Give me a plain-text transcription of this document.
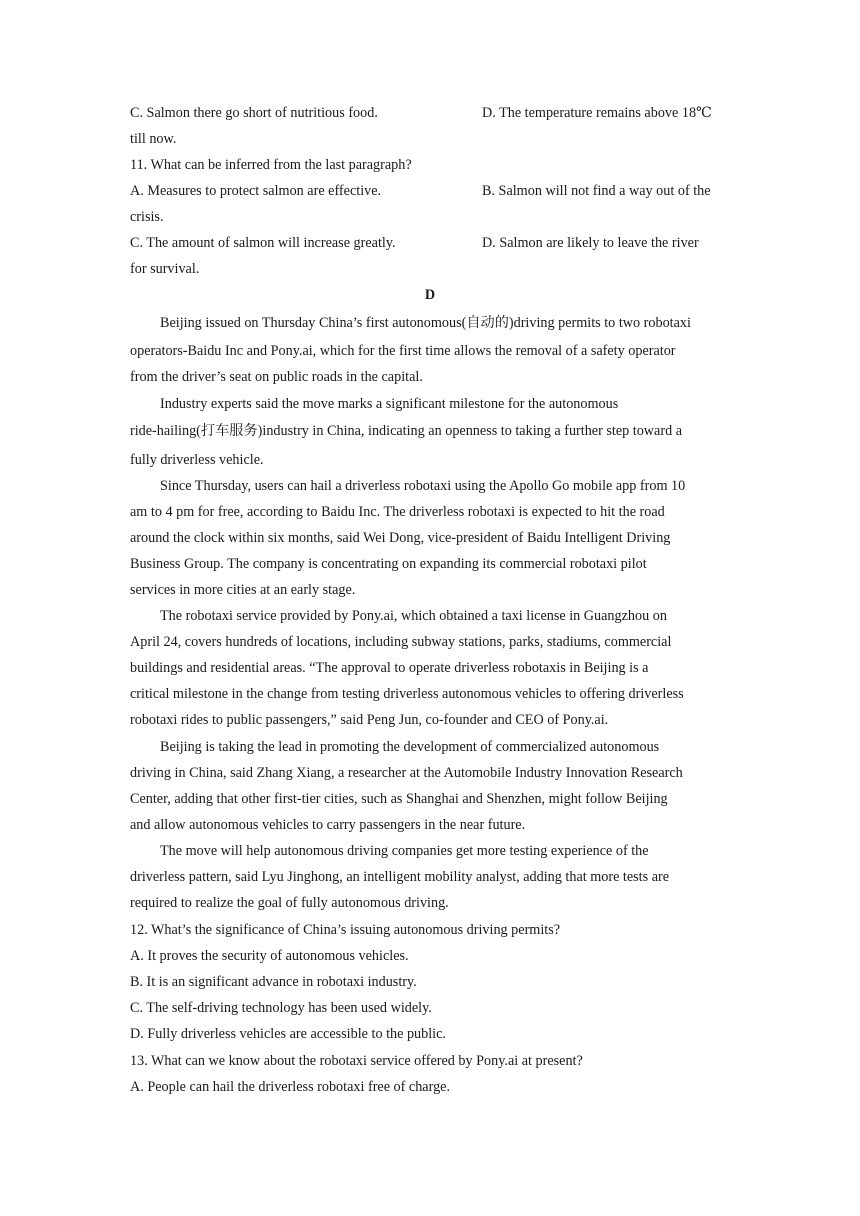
C. Salmon there go short of nutritious food.	D. The temperature remains above 18℃
till now.
11. What can be inferred from the last paragraph?
A. Measures to protect salmon are effective.	B. Salmon will not find a way out of the
crisis.
C. The amount of salmon will increase greatly.	D. Salmon are likely to leave the river
for survival.
D
Beijing issued on Thursday China’s first autonomous(自动的)driving permits to two robotaxi
operators-Baidu Inc and Pony.ai, which for the first time allows the removal of a safety operator
from the driver’s seat on public roads in the capital.
Industry experts said the move marks a significant milestone for the autonomous
ride-hailing(打车服务)industry in China, indicating an openness to taking a further step toward a
fully driverless vehicle.
Since Thursday, users can hail a driverless robotaxi using the Apollo Go mobile app from 10
am to 4 pm for free, according to Baidu Inc. The driverless robotaxi is expected to hit the road
around the clock within six months, said Wei Dong, vice-president of Baidu Intelligent Driving
Business Group. The company is concentrating on expanding its commercial robotaxi pilot
services in more cities at an early stage.
The robotaxi service provided by Pony.ai, which obtained a taxi license in Guangzhou on
April 24, covers hundreds of locations, including subway stations, parks, stadiums, commercial
buildings and residential areas. “The approval to operate driverless robotaxis in Beijing is a
critical milestone in the change from testing driverless autonomous vehicles to offering driverless
robotaxi rides to public passengers,” said Peng Jun, co-founder and CEO of Pony.ai.
Beijing is taking the lead in promoting the development of commercialized autonomous
driving in China, said Zhang Xiang, a researcher at the Automobile Industry Innovation Research
Center, adding that other first-tier cities, such as Shanghai and Shenzhen, might follow Beijing
and allow autonomous vehicles to carry passengers in the near future.
The move will help autonomous driving companies get more testing experience of the
driverless pattern, said Lyu Jinghong, an intelligent mobility analyst, adding that more tests are
required to realize the goal of fully autonomous driving.
12. What’s the significance of China’s issuing autonomous driving permits?
A. It proves the security of autonomous vehicles.
B. It is an significant advance in robotaxi industry.
C. The self-driving technology has been used widely.
D. Fully driverless vehicles are accessible to the public.
13. What can we know about the robotaxi service offered by Pony.ai at present?
A. People can hail the driverless robotaxi free of charge.
